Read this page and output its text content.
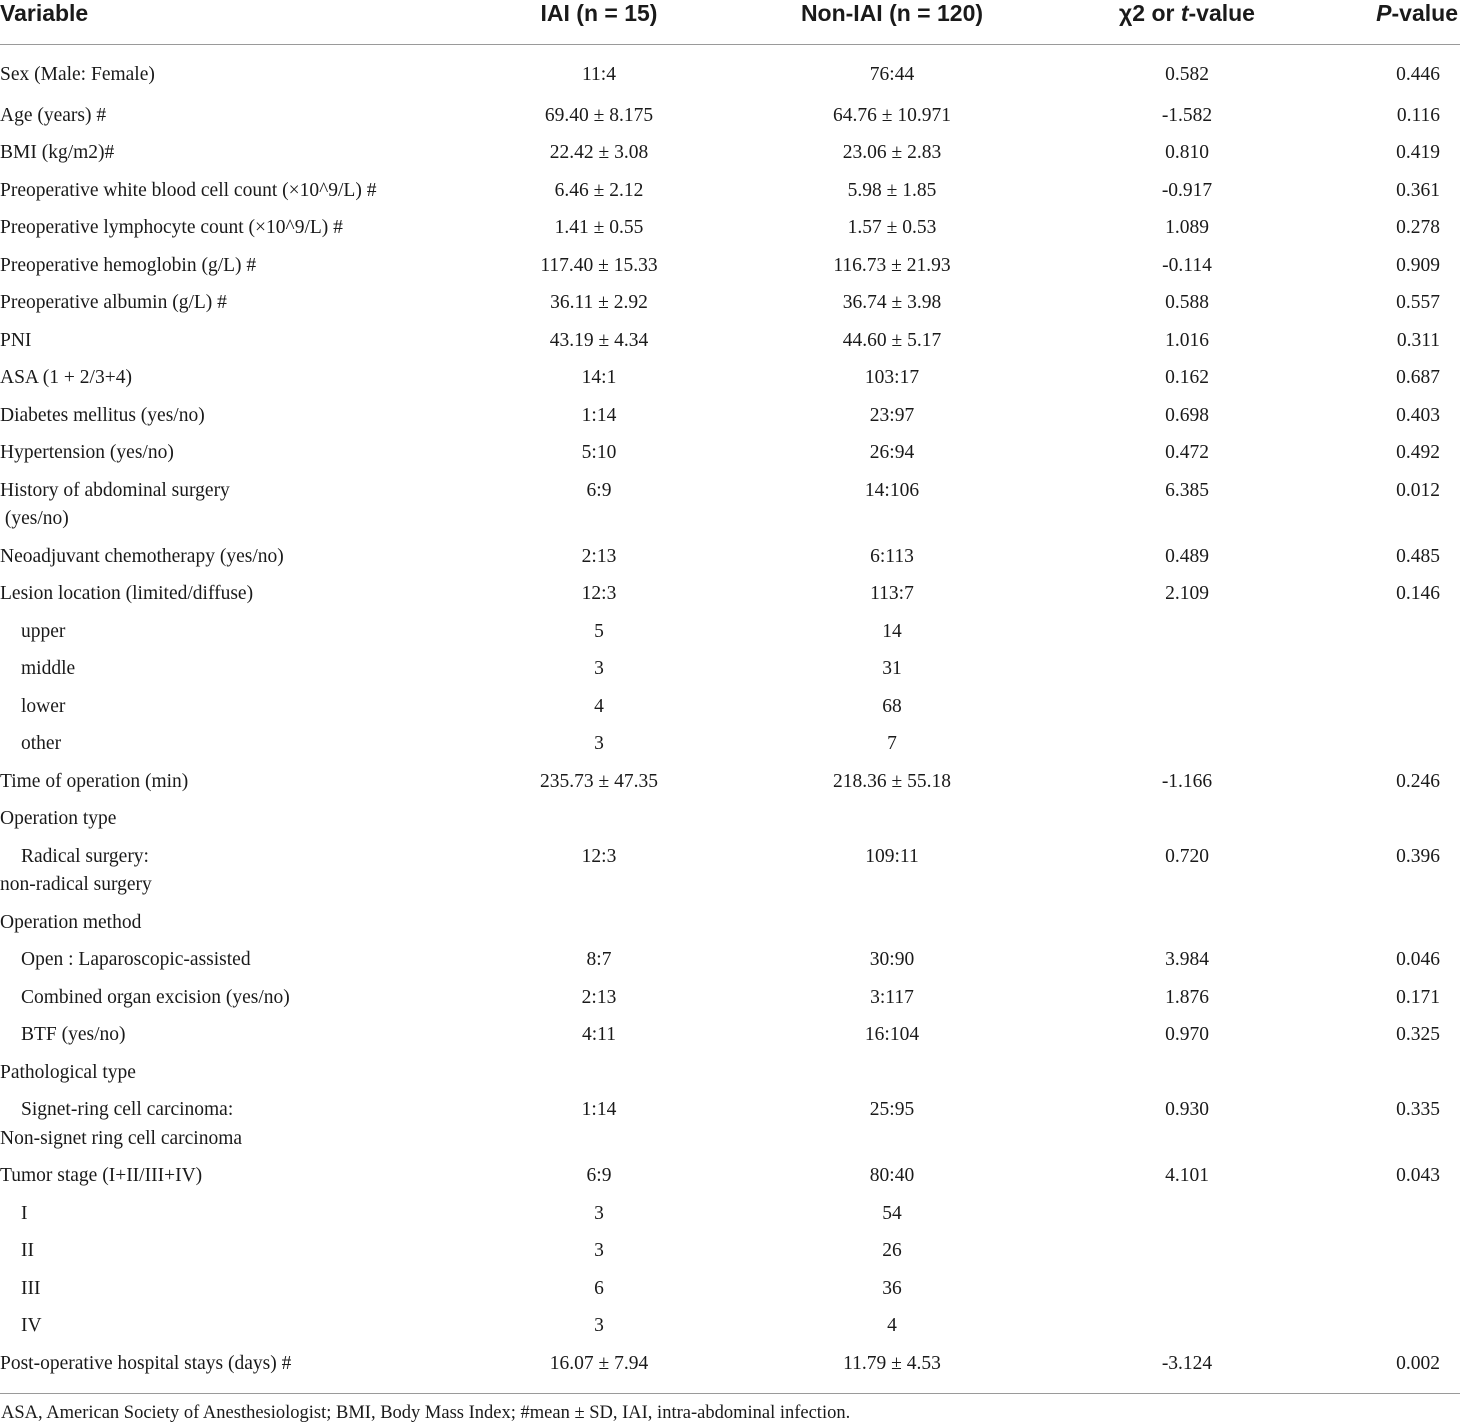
Variable	IAI (n = 15)	Non-IAI (n = 120)	χ2 or t-value	P-value
Sex (Male: Female)	11:4	76:44	0.582	0.446
Age (years) #	69.40 ± 8.175	64.76 ± 10.971	-1.582	0.116
BMI (kg/m2)#	22.42 ± 3.08	23.06 ± 2.83	0.810	0.419
Preoperative white blood cell count (×10^9/L) #	6.46 ± 2.12	5.98 ± 1.85	-0.917	0.361
Preoperative lymphocyte count (×10^9/L) #	1.41 ± 0.55	1.57 ± 0.53	1.089	0.278
Preoperative hemoglobin (g/L) #	117.40 ± 15.33	116.73 ± 21.93	-0.114	0.909
Preoperative albumin (g/L) #	36.11 ± 2.92	36.74 ± 3.98	0.588	0.557
PNI	43.19 ± 4.34	44.60 ± 5.17	1.016	0.311
ASA (1 + 2/3+4)	14:1	103:17	0.162	0.687
Diabetes mellitus (yes/no)	1:14	23:97	0.698	0.403
Hypertension (yes/no)	5:10	26:94	0.472	0.492
History of abdominal surgery
(yes/no)	6:9	14:106	6.385	0.012
Neoadjuvant chemotherapy (yes/no)	2:13	6:113	0.489	0.485
Lesion location (limited/diffuse)	12:3	113:7	2.109	0.146
upper	5	14		
middle	3	31		
lower	4	68		
other	3	7		
Time of operation (min)	235.73 ± 47.35	218.36 ± 55.18	-1.166	0.246
Operation type				
Radical surgery:
non-radical surgery	12:3	109:11	0.720	0.396
Operation method				
Open : Laparoscopic-assisted	8:7	30:90	3.984	0.046
Combined organ excision (yes/no)	2:13	3:117	1.876	0.171
BTF (yes/no)	4:11	16:104	0.970	0.325
Pathological type				
Signet-ring cell carcinoma:
Non-signet ring cell carcinoma	1:14	25:95	0.930	0.335
Tumor stage (I+II/III+IV)	6:9	80:40	4.101	0.043
I	3	54		
II	3	26		
III	6	36		
IV	3	4		
Post-operative hospital stays (days) #	16.07 ± 7.94	11.79 ± 4.53	-3.124	0.002
ASA, American Society of Anesthesiologist; BMI, Body Mass Index; #mean ± SD, IAI, intra-abdominal infection.
